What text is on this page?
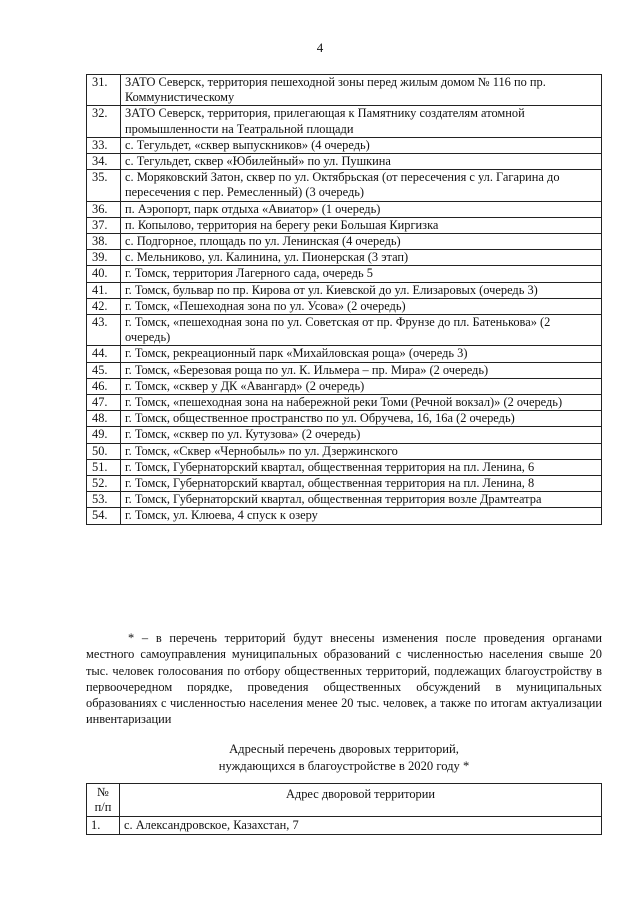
4
31.	ЗАТО Северск, территория пешеходной зоны перед жилым домом № 116 по пр. Коммунистическому
32.	ЗАТО Северск, территория, прилегающая к Памятнику создателям атомной промышленности на Театральной площади
33.	с. Тегульдет, «сквер выпускников» (4 очередь)
34.	с. Тегульдет, сквер «Юбилейный» по ул. Пушкина
35.	с. Моряковский Затон, сквер по ул. Октябрьская (от пересечения с ул. Гагарина до пересечения с пер. Ремесленный) (3 очередь)
36.	п. Аэропорт, парк отдыха «Авиатор» (1 очередь)
37.	п. Копылово, территория на берегу реки Большая Киргизка
38.	с. Подгорное, площадь по ул. Ленинская (4 очередь)
39.	с. Мельниково, ул. Калинина, ул. Пионерская (3 этап)
40.	г. Томск, территория Лагерного сада, очередь 5
41.	г. Томск, бульвар по пр. Кирова от ул. Киевской до ул. Елизаровых (очередь 3)
42.	г. Томск, «Пешеходная зона по ул. Усова» (2 очередь)
43.	г. Томск, «пешеходная зона по ул. Советская от пр. Фрунзе до пл. Батенькова» (2 очередь)
44.	г. Томск, рекреационный парк «Михайловская роща» (очередь 3)
45.	г. Томск, «Березовая роща по ул. К. Ильмера – пр. Мира» (2 очередь)
46.	г. Томск, «сквер у ДК «Авангард» (2 очередь)
47.	г. Томск, «пешеходная зона на набережной реки Томи (Речной вокзал)» (2 очередь)
48.	г. Томск, общественное пространство по ул. Обручева, 16, 16а (2 очередь)
49.	г. Томск, «сквер по ул. Кутузова» (2 очередь)
50.	г. Томск, «Сквер «Чернобыль» по ул. Дзержинского
51.	г. Томск, Губернаторский квартал, общественная территория на пл. Ленина, 6
52.	г. Томск, Губернаторский квартал, общественная территория на пл. Ленина, 8
53.	г. Томск, Губернаторский квартал, общественная территория возле Драмтеатра
54.	г. Томск, ул. Клюева, 4 спуск к озеру

* – в перечень территорий будут внесены изменения после проведения органами местного самоуправления муниципальных образований с численностью населения свыше 20 тыс. человек голосования по отбору общественных территорий, подлежащих благоустройству в первоочередном порядке, проведения общественных обсуждений в муниципальных образованиях с численностью населения менее 20 тыс. человек, а также по итогам актуализации инвентаризации

Адресный перечень дворовых территорий,
нуждающихся в благоустройстве в 2020 году *
№ п/п	Адрес дворовой территории
1.	с. Александровское, Казахстан, 7
